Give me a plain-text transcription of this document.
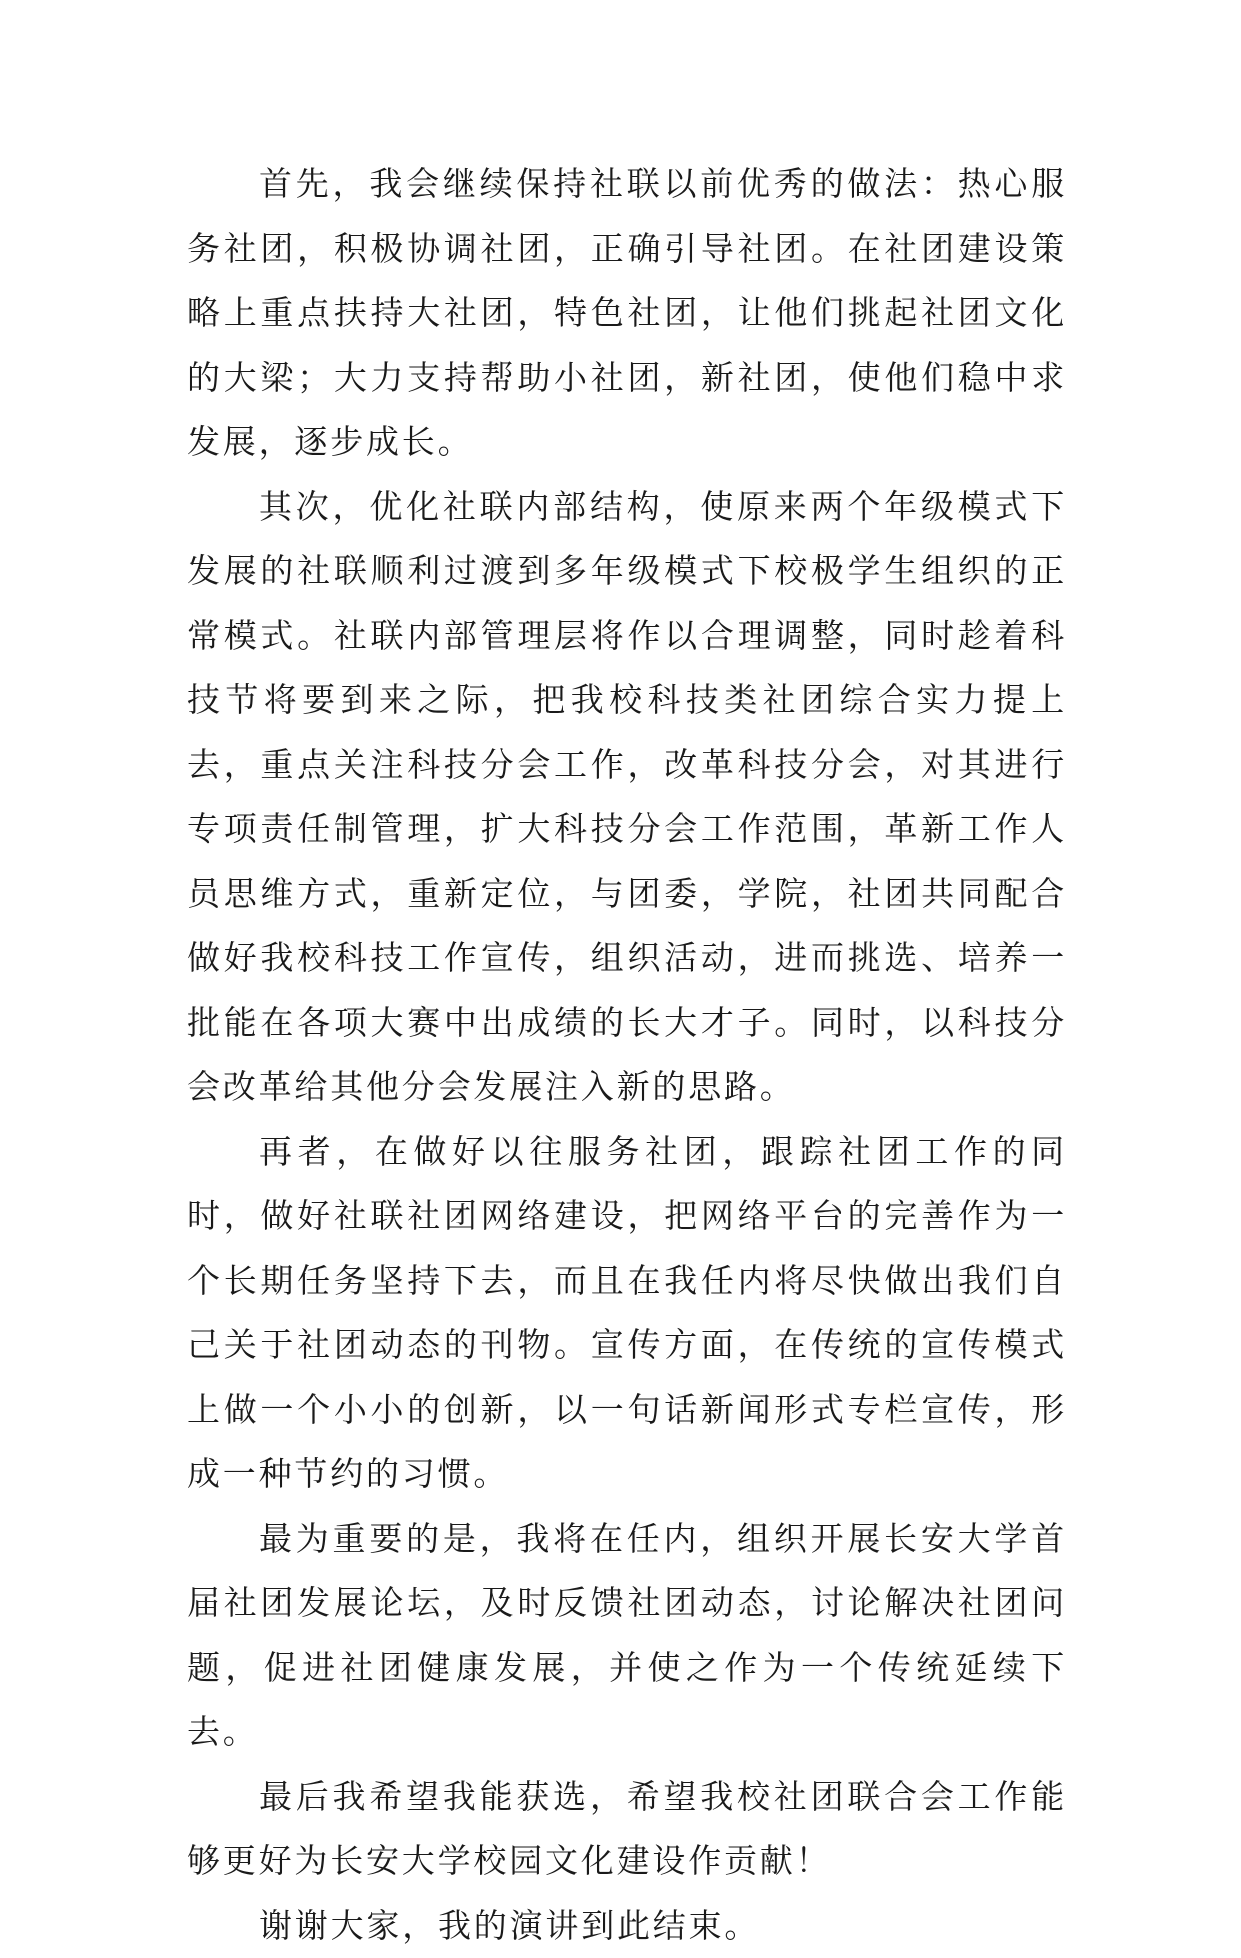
首先，我会继续保持社联以前优秀的做法：热心服务社团，积极协调社团，正确引导社团。在社团建设策略上重点扶持大社团，特色社团，让他们挑起社团文化的大梁；大力支持帮助小社团，新社团，使他们稳中求发展，逐步成长。

其次，优化社联内部结构，使原来两个年级模式下发展的社联顺利过渡到多年级模式下校极学生组织的正常模式。社联内部管理层将作以合理调整，同时趁着科技节将要到来之际，把我校科技类社团综合实力提上去，重点关注科技分会工作，改革科技分会，对其进行专项责任制管理，扩大科技分会工作范围，革新工作人员思维方式，重新定位，与团委，学院，社团共同配合做好我校科技工作宣传，组织活动，进而挑选、培养一批能在各项大赛中出成绩的长大才子。同时，以科技分会改革给其他分会发展注入新的思路。

再者，在做好以往服务社团，跟踪社团工作的同时，做好社联社团网络建设，把网络平台的完善作为一个长期任务坚持下去，而且在我任内将尽快做出我们自己关于社团动态的刊物。宣传方面，在传统的宣传模式上做一个小小的创新，以一句话新闻形式专栏宣传，形成一种节约的习惯。

最为重要的是，我将在任内，组织开展长安大学首届社团发展论坛，及时反馈社团动态，讨论解决社团问题，促进社团健康发展，并使之作为一个传统延续下去。

最后我希望我能获选，希望我校社团联合会工作能够更好为长安大学校园文化建设作贡献！

谢谢大家，我的演讲到此结束。
